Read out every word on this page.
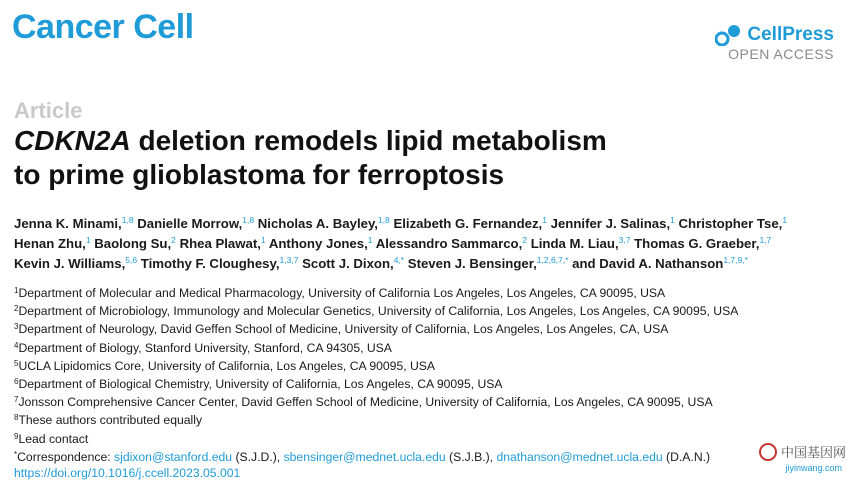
Cancer Cell	CellPress
OPEN ACCESS
Article
CDKN2A deletion remodels lipid metabolism
to prime glioblastoma for ferroptosis
Jenna K. Minami,$^{1,8}$ Danielle Morrow,$^{1,8}$ Nicholas A. Bayley,$^{1,8}$ Elizabeth G. Fernandez,$^1$ Jennifer J. Salinas,$^1$ Christopher Tse,$^1$ Henan Zhu,$^1$ Baolong Su,$^2$ Rhea Plawat,$^1$ Anthony Jones,$^1$ Alessandro Sammarco,$^2$ Linda M. Liau,$^{3,7}$ Thomas G. Graeber,$^{1,7}$ Kevin J. Williams,$^{5,6}$ Timothy F. Cloughesy,$^{1,3,7}$ Scott J. Dixon,$^{4,*}$ Steven J. Bensinger,$^{1,2,6,7,*}$ and David A. Nathanson$^{1,7,9,*}$
$^1$Department of Molecular and Medical Pharmacology, University of California Los Angeles, Los Angeles, CA 90095, USA
$^2$Department of Microbiology, Immunology and Molecular Genetics, University of California, Los Angeles, Los Angeles, CA 90095, USA
$^3$Department of Neurology, David Geffen School of Medicine, University of California, Los Angeles, Los Angeles, CA, USA
$^4$Department of Biology, Stanford University, Stanford, CA 94305, USA
$^5$UCLA Lipidomics Core, University of California, Los Angeles, CA 90095, USA
$^6$Department of Biological Chemistry, University of California, Los Angeles, CA 90095, USA
$^7$Jonsson Comprehensive Cancer Center, David Geffen School of Medicine, University of California, Los Angeles, CA 90095, USA
$^8$These authors contributed equally
$^9$Lead contact
*Correspondence: sjdixon@stanford.edu (S.J.D.), sbensinger@mednet.ucla.edu (S.J.B.), dnathanson@mednet.ucla.edu (D.A.N.)
https://doi.org/10.1016/j.ccell.2023.05.001
中国基因网
jiyinwang.com
